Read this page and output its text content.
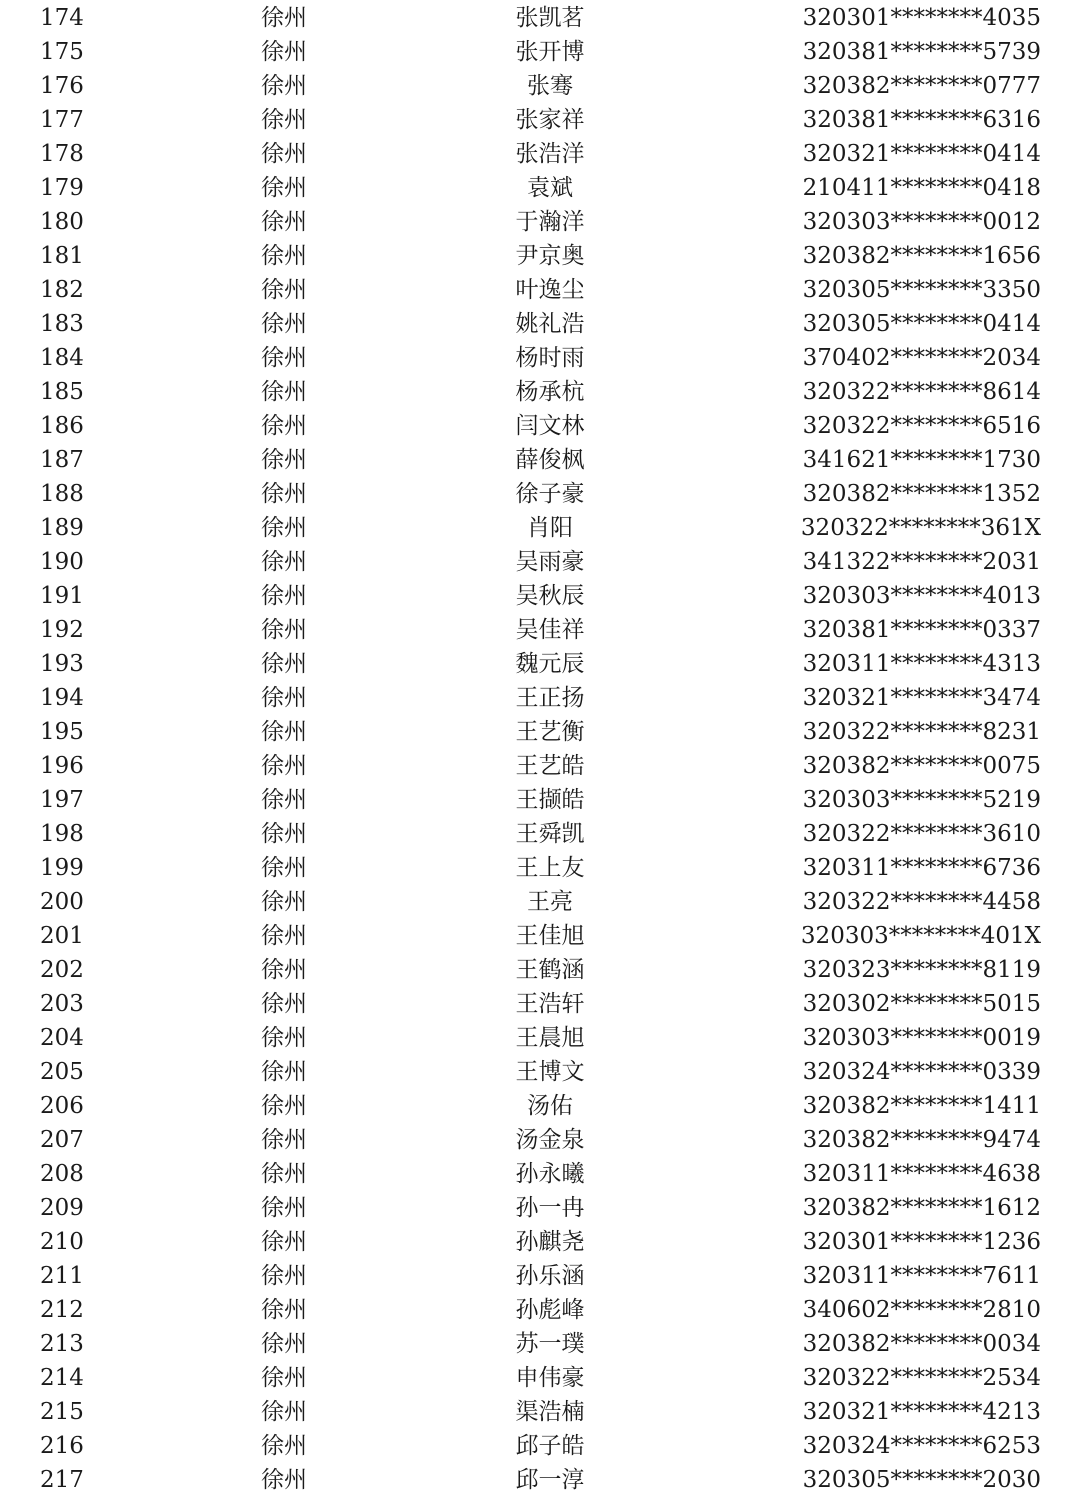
174	徐州	张凯茗	320301********4035
175	徐州	张开博	320381********5739
176	徐州	张骞	320382********0777
177	徐州	张家祥	320381********6316
178	徐州	张浩洋	320321********0414
179	徐州	袁斌	210411********0418
180	徐州	于瀚洋	320303********0012
181	徐州	尹京奥	320382********1656
182	徐州	叶逸尘	320305********3350
183	徐州	姚礼浩	320305********0414
184	徐州	杨时雨	370402********2034
185	徐州	杨承杭	320322********8614
186	徐州	闫文林	320322********6516
187	徐州	薛俊枫	341621********1730
188	徐州	徐子豪	320382********1352
189	徐州	肖阳	320322********361X
190	徐州	吴雨豪	341322********2031
191	徐州	吴秋辰	320303********4013
192	徐州	吴佳祥	320381********0337
193	徐州	魏元辰	320311********4313
194	徐州	王正扬	320321********3474
195	徐州	王艺衡	320322********8231
196	徐州	王艺皓	320382********0075
197	徐州	王撷皓	320303********5219
198	徐州	王舜凯	320322********3610
199	徐州	王上友	320311********6736
200	徐州	王亮	320322********4458
201	徐州	王佳旭	320303********401X
202	徐州	王鹤涵	320323********8119
203	徐州	王浩轩	320302********5015
204	徐州	王晨旭	320303********0019
205	徐州	王博文	320324********0339
206	徐州	汤佑	320382********1411
207	徐州	汤金泉	320382********9474
208	徐州	孙永曦	320311********4638
209	徐州	孙一冉	320382********1612
210	徐州	孙麒尧	320301********1236
211	徐州	孙乐涵	320311********7611
212	徐州	孙彪峰	340602********2810
213	徐州	苏一璞	320382********0034
214	徐州	申伟豪	320322********2534
215	徐州	渠浩楠	320321********4213
216	徐州	邱子皓	320324********6253
217	徐州	邱一淳	320305********2030
